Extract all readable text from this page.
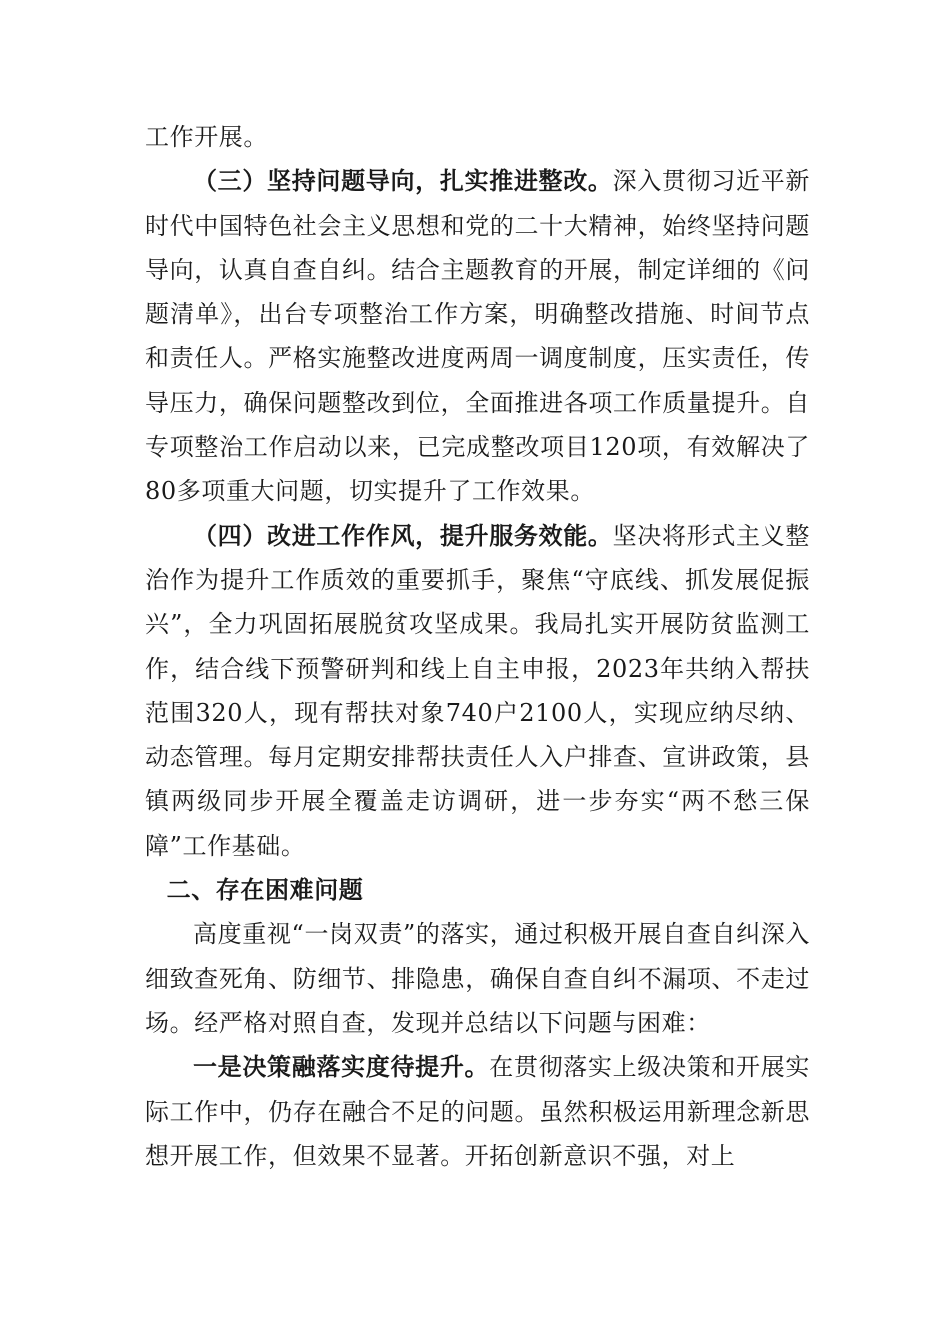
工作开展。

（三）坚持问题导向，扎实推进整改。深入贯彻习近平新时代中国特色社会主义思想和党的二十大精神，始终坚持问题导向，认真自查自纠。结合主题教育的开展，制定详细的《问题清单》，出台专项整治工作方案，明确整改措施、时间节点和责任人。严格实施整改进度两周一调度制度，压实责任，传导压力，确保问题整改到位，全面推进各项工作质量提升。自专项整治工作启动以来，已完成整改项目120项，有效解决了80多项重大问题，切实提升了工作效果。

（四）改进工作作风，提升服务效能。坚决将形式主义整治作为提升工作质效的重要抓手，聚焦“守底线、抓发展促振兴”，全力巩固拓展脱贫攻坚成果。我局扎实开展防贫监测工作，结合线下预警研判和线上自主申报，2023年共纳入帮扶范围320人，现有帮扶对象740户2100人，实现应纳尽纳、动态管理。每月定期安排帮扶责任人入户排查、宣讲政策，县镇两级同步开展全覆盖走访调研，进一步夯实“两不愁三保障”工作基础。

二、存在困难问题

高度重视“一岗双责”的落实，通过积极开展自查自纠深入细致查死角、防细节、排隐患，确保自查自纠不漏项、不走过场。经严格对照自查，发现并总结以下问题与困难：

一是决策融落实度待提升。在贯彻落实上级决策和开展实际工作中，仍存在融合不足的问题。虽然积极运用新理念新思想开展工作，但效果不显著。开拓创新意识不强，对上
